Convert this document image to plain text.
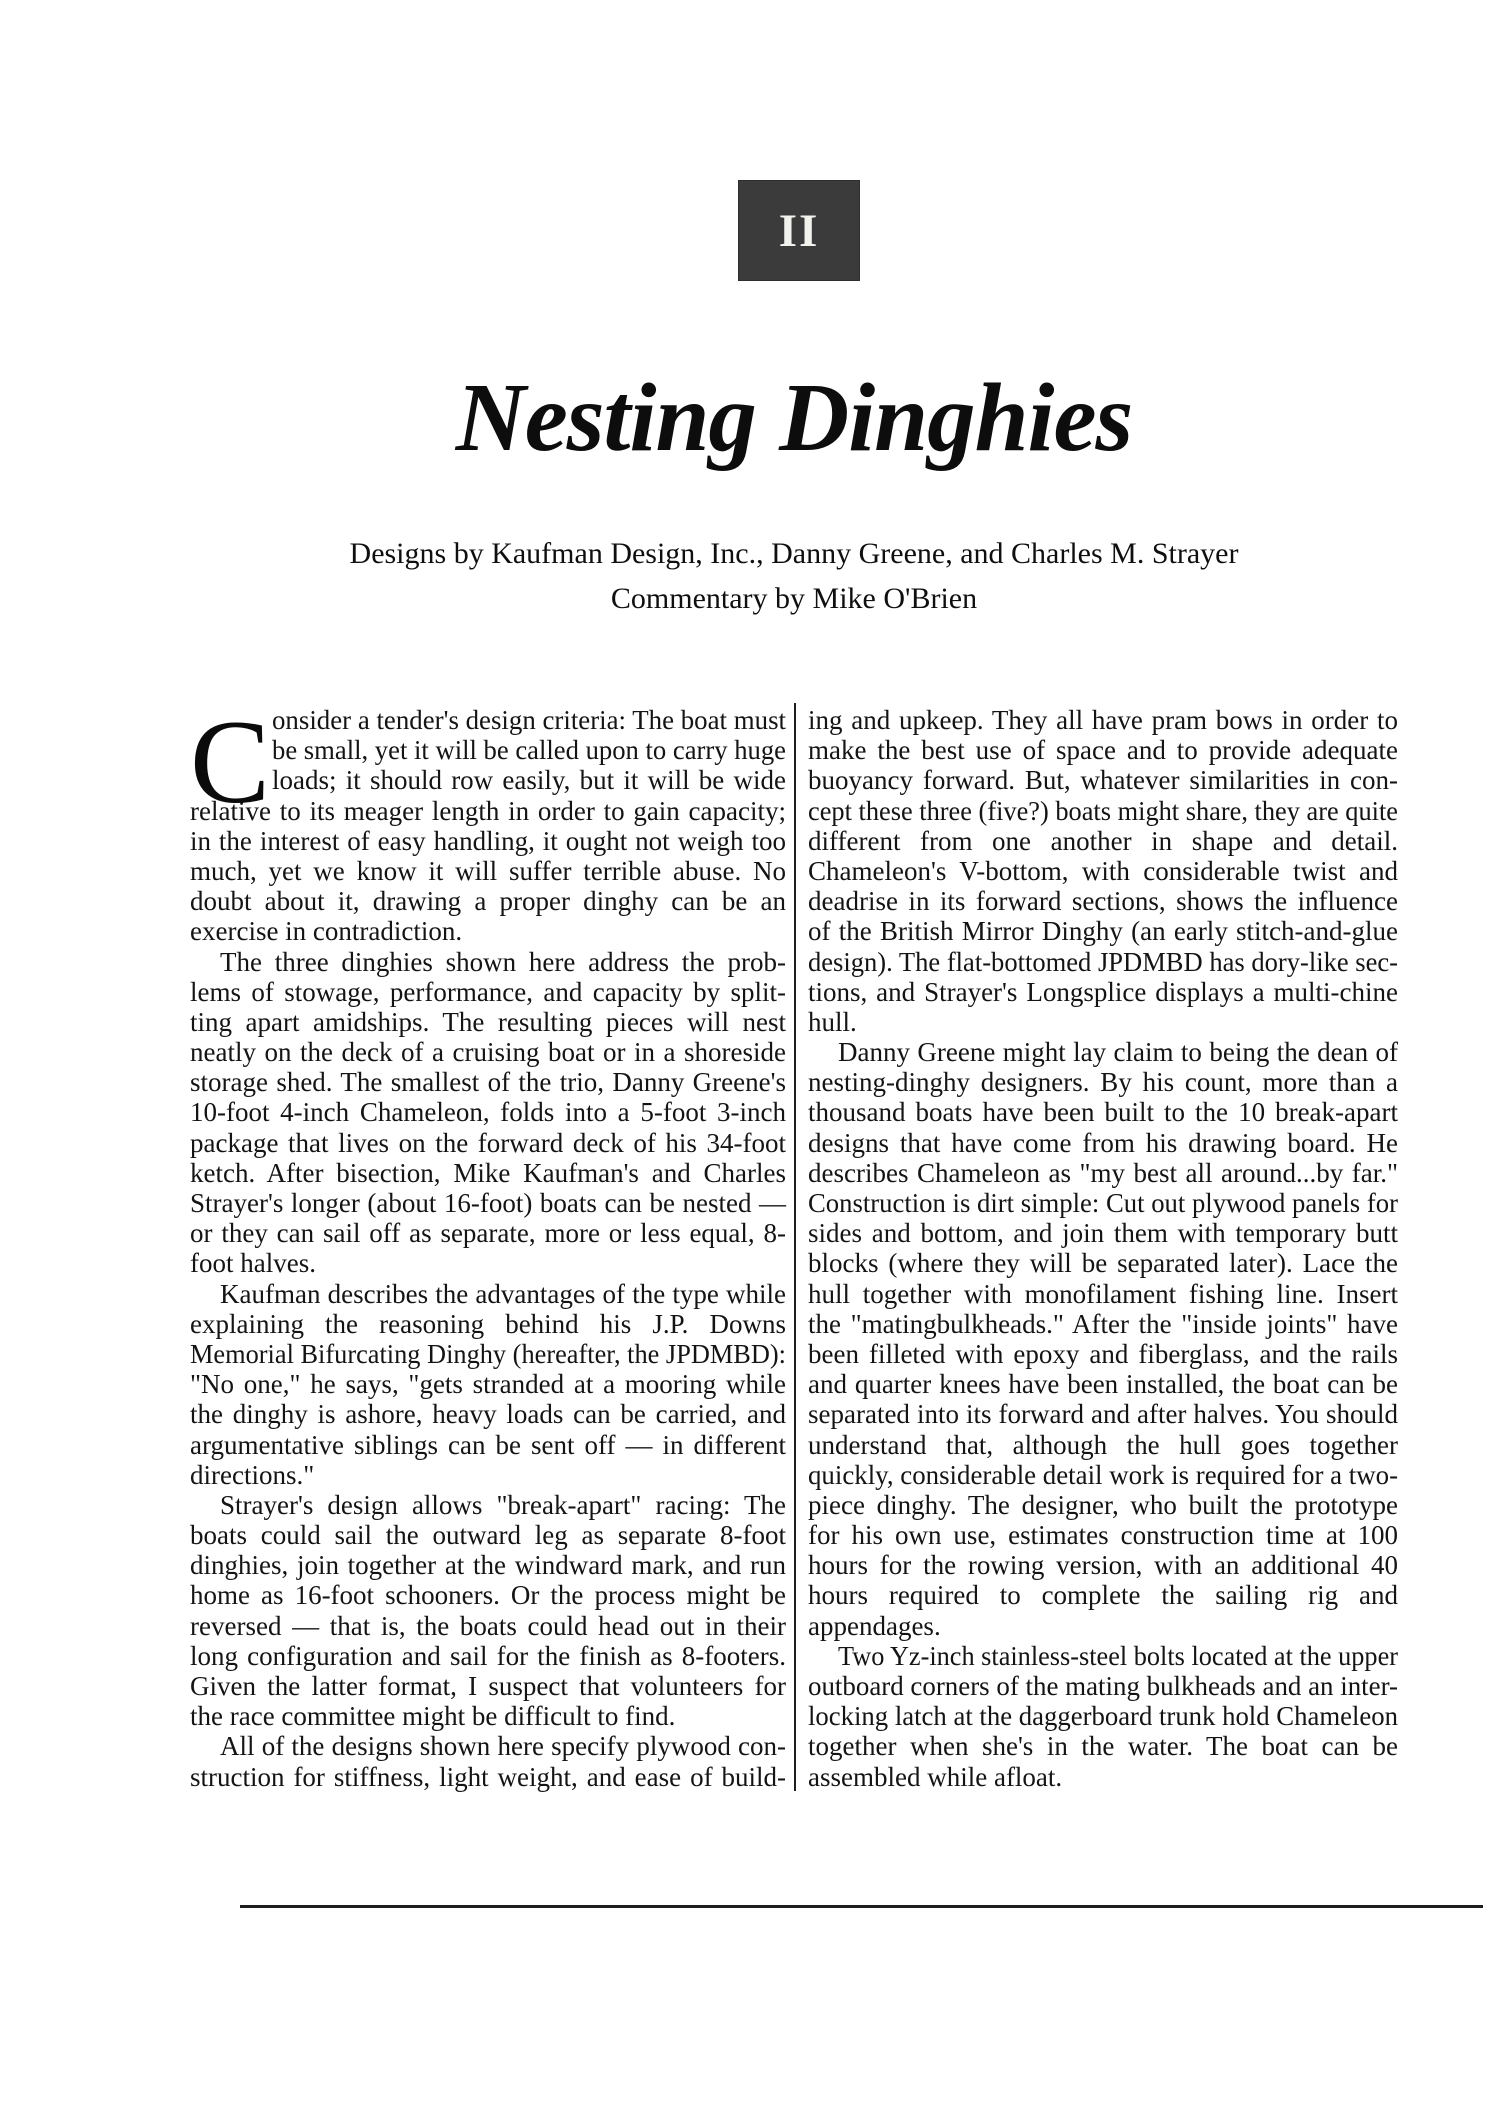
II
Nesting Dinghies
Designs by Kaufman Design, Inc., Danny Greene, and Charles M. Strayer
Commentary by Mike O'Brien
C onsider a tender's design criteria: The boat must
be small, yet it will be called upon to carry huge
loads; it should row easily, but it will be wide
relative to its meager length in order to gain capacity;
in the interest of easy handling, it ought not weigh too
much, yet we know it will suffer terrible abuse. No
doubt about it, drawing a proper dinghy can be an
exercise in contradiction.
The three dinghies shown here address the prob-
lems of stowage, performance, and capacity by split-
ting apart amidships. The resulting pieces will nest
neatly on the deck of a cruising boat or in a shoreside
storage shed. The smallest of the trio, Danny Greene's
10-foot 4-inch Chameleon, folds into a 5-foot 3-inch
package that lives on the forward deck of his 34-foot
ketch. After bisection, Mike Kaufman's and Charles
Strayer's longer (about 16-foot) boats can be nested —
or they can sail off as separate, more or less equal, 8-
foot halves.
Kaufman describes the advantages of the type while
explaining the reasoning behind his J.P. Downs
Memorial Bifurcating Dinghy (hereafter, the JPDMBD):
"No one," he says, "gets stranded at a mooring while
the dinghy is ashore, heavy loads can be carried, and
argumentative siblings can be sent off — in different
directions."
Strayer's design allows "break-apart" racing: The
boats could sail the outward leg as separate 8-foot
dinghies, join together at the windward mark, and run
home as 16-foot schooners. Or the process might be
reversed — that is, the boats could head out in their
long configuration and sail for the finish as 8-footers.
Given the latter format, I suspect that volunteers for
the race committee might be difficult to find.
All of the designs shown here specify plywood con-
struction for stiffness, light weight, and ease of build-
ing and upkeep. They all have pram bows in order to
make the best use of space and to provide adequate
buoyancy forward. But, whatever similarities in con-
cept these three (five?) boats might share, they are quite
different from one another in shape and detail.
Chameleon's V-bottom, with considerable twist and
deadrise in its forward sections, shows the influence
of the British Mirror Dinghy (an early stitch-and-glue
design). The flat-bottomed JPDMBD has dory-like sec-
tions, and Strayer's Longsplice displays a multi-chine
hull.
Danny Greene might lay claim to being the dean of
nesting-dinghy designers. By his count, more than a
thousand boats have been built to the 10 break-apart
designs that have come from his drawing board. He
describes Chameleon as "my best all around...by far."
Construction is dirt simple: Cut out plywood panels for
sides and bottom, and join them with temporary butt
blocks (where they will be separated later). Lace the
hull together with monofilament fishing line. Insert
the "matingbulkheads." After the "inside joints" have
been filleted with epoxy and fiberglass, and the rails
and quarter knees have been installed, the boat can be
separated into its forward and after halves. You should
understand that, although the hull goes together
quickly, considerable detail work is required for a two-
piece dinghy. The designer, who built the prototype
for his own use, estimates construction time at 100
hours for the rowing version, with an additional 40
hours required to complete the sailing rig and
appendages.
Two Yz-inch stainless-steel bolts located at the upper
outboard corners of the mating bulkheads and an inter-
locking latch at the daggerboard trunk hold Chameleon
together when she's in the water. The boat can be
assembled while afloat.
